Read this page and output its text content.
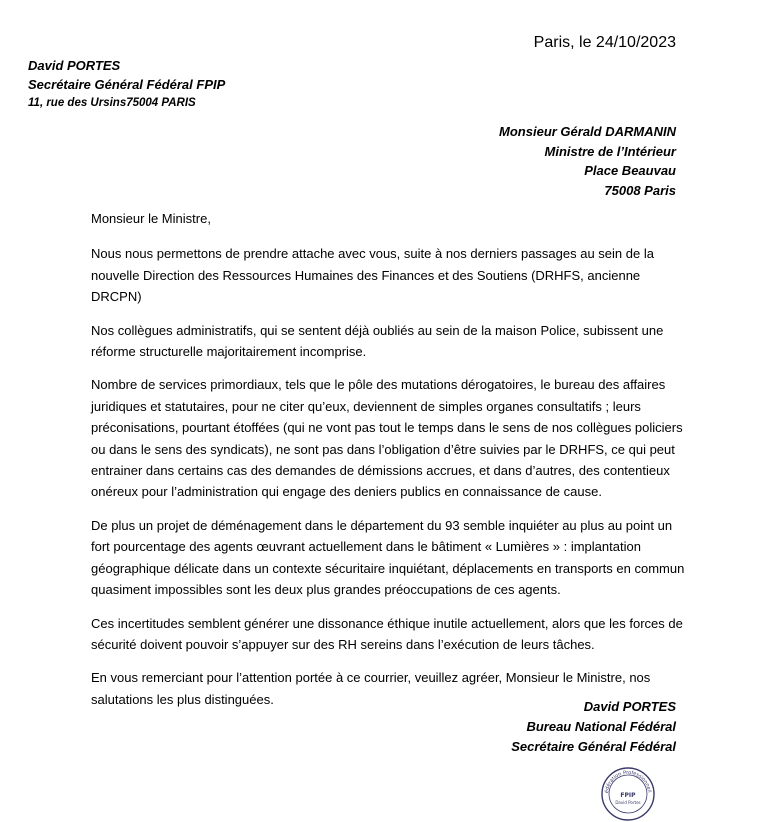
Paris, le 24/10/2023
David PORTES
Secrétaire Général Fédéral FPIP
11, rue des Ursins75004 PARIS
Monsieur Gérald DARMANIN
Ministre de l’Intérieur
Place Beauvau
75008 Paris

Monsieur le Ministre,

Nous nous permettons de prendre attache avec vous, suite à nos derniers passages au sein de la nouvelle Direction des Ressources Humaines des Finances et des Soutiens (DRHFS, ancienne DRCPN)

Nos collègues administratifs, qui se sentent déjà oubliés au sein de la maison Police, subissent une réforme structurelle majoritairement incomprise.

Nombre de services primordiaux, tels que le pôle des mutations dérogatoires, le bureau des affaires juridiques et statutaires, pour ne citer qu’eux, deviennent de simples organes consultatifs ; leurs préconisations, pourtant étoffées (qui ne vont pas tout le temps dans le sens de nos collègues policiers ou dans le sens des syndicats), ne sont pas dans l’obligation d’être suivies par le DRHFS, ce qui peut entrainer dans certains cas des demandes de démissions accrues, et dans d’autres, des contentieux onéreux pour l’administration qui engage des deniers publics en connaissance de cause.

De plus un projet de déménagement dans le département du 93 semble inquiéter au plus au point un fort pourcentage des agents œuvrant actuellement dans le bâtiment « Lumières » : implantation géographique délicate dans un contexte sécuritaire inquiétant, déplacements en transports en commun quasiment impossibles sont les deux plus grandes préoccupations de ces agents.

Ces incertitudes semblent générer une dissonance éthique inutile actuellement, alors que les forces de sécurité doivent pouvoir s’appuyer sur des RH sereins dans l’exécution de leurs tâches.

En vous remerciant pour l’attention portée à ce courrier, veuillez agréer, Monsieur le Ministre, nos salutations les plus distinguées.	David PORTES
Bureau National Fédéral
Secrétaire Général Fédéral
édération Professionnell
FPIP
David Portes
